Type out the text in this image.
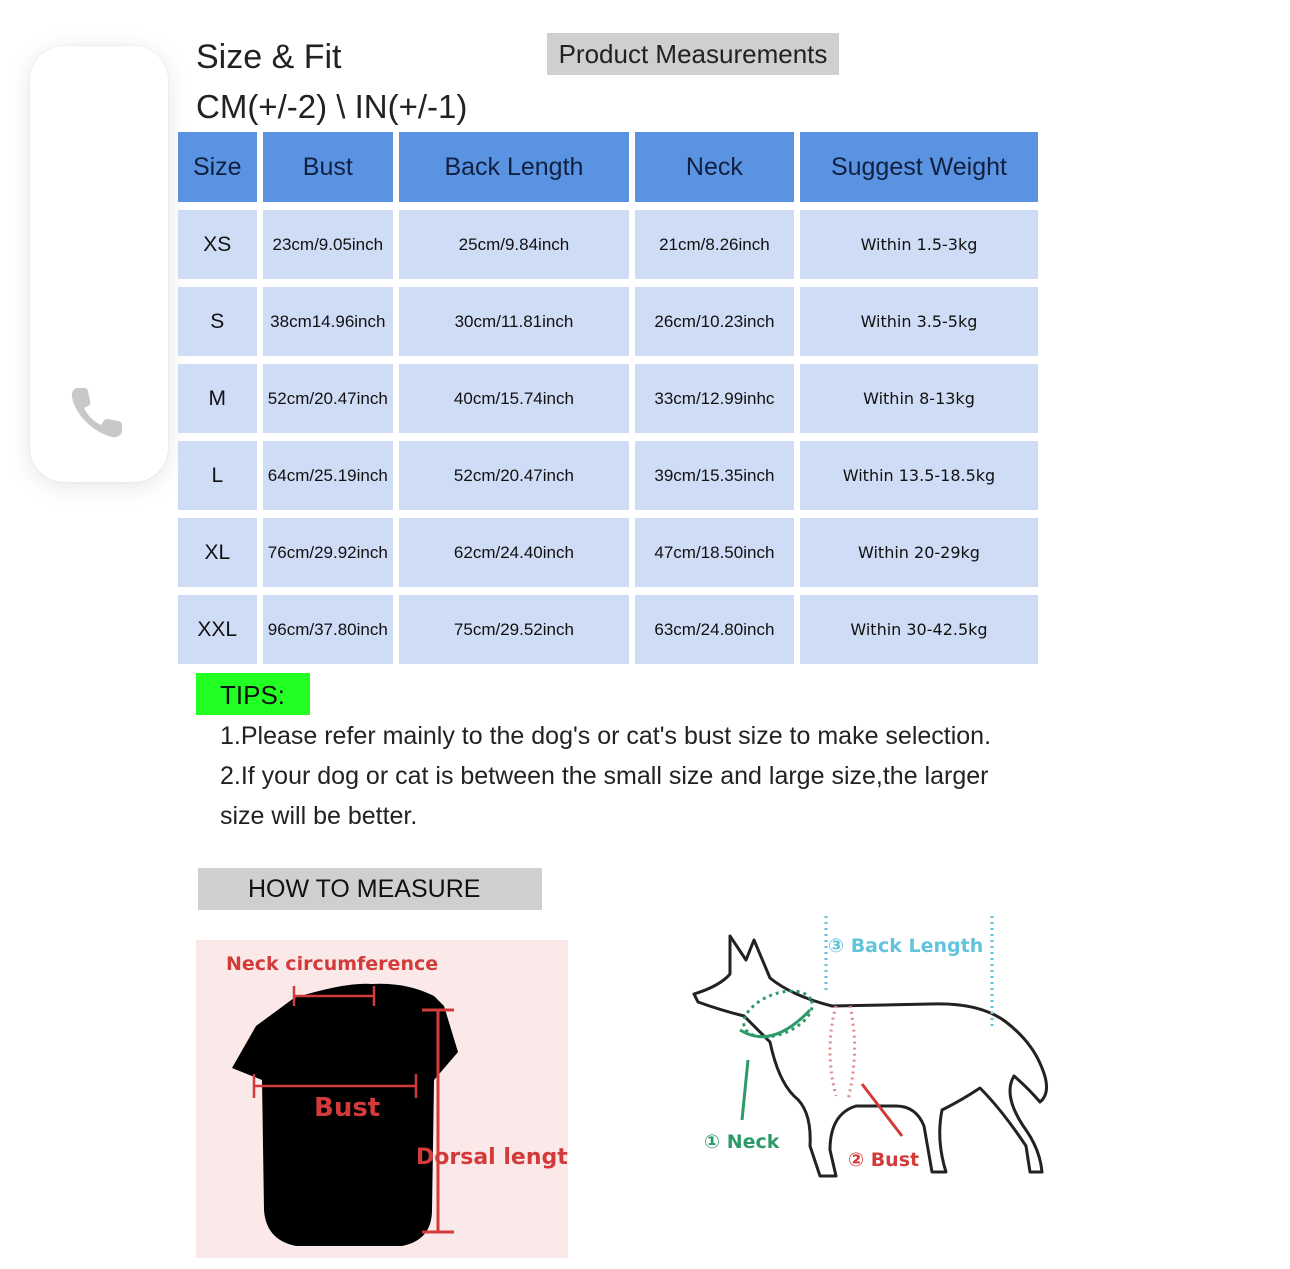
Size & Fit
CM(+/-2) \ IN(+/-1)
Product Measurements
Size	Bust	Back Length	Neck	Suggest Weight
XS	23cm/9.05inch	25cm/9.84inch	21cm/8.26inch	Within 1.5-3kg
S	38cm14.96inch	30cm/11.81inch	26cm/10.23inch	Within 3.5-5kg
M	52cm/20.47inch	40cm/15.74inch	33cm/12.99inhc	Within 8-13kg
L	64cm/25.19inch	52cm/20.47inch	39cm/15.35inch	Within 13.5-18.5kg
XL	76cm/29.92inch	62cm/24.40inch	47cm/18.50inch	Within 20-29kg
XXL	96cm/37.80inch	75cm/29.52inch	63cm/24.80inch	Within 30-42.5kg
TIPS:
1.Please refer mainly to the dog's or cat's bust size to make selection.
2.If your dog or cat is between the small size and large size,the larger
size will be better.
HOW TO MEASURE
Neck circumference
Bust
Dorsal length
① Neck
② Bust
③ Back Length
